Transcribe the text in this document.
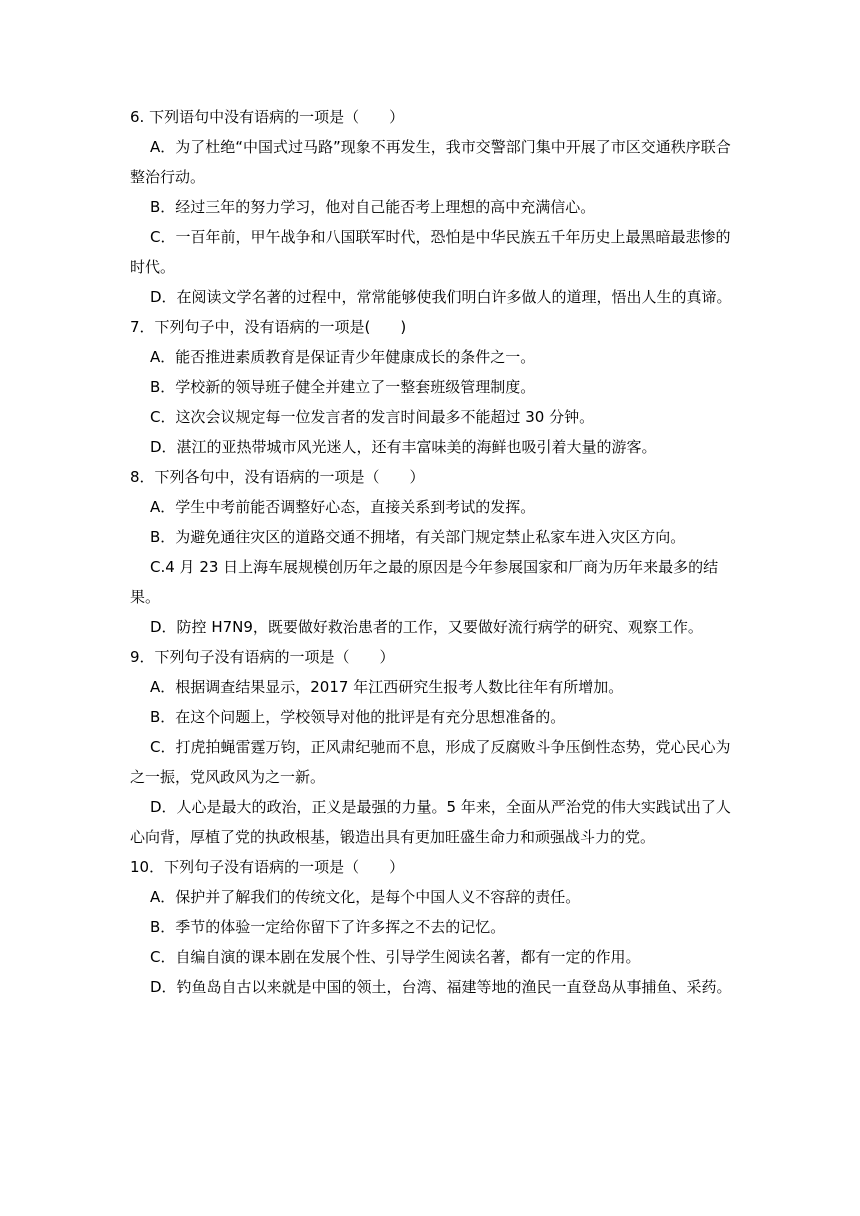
6. 下列语句中没有语病的一项是（　　）

A．为了杜绝“中国式过马路”现象不再发生，我市交警部门集中开展了市区交通秩序联合整治行动。

B．经过三年的努力学习，他对自己能否考上理想的高中充满信心。

C．一百年前，甲午战争和八国联军时代，恐怕是中华民族五千年历史上最黑暗最悲惨的时代。

D．在阅读文学名著的过程中，常常能够使我们明白许多做人的道理，悟出人生的真谛。

7．下列句子中，没有语病的一项是(　　)

A．能否推进素质教育是保证青少年健康成长的条件之一。

B．学校新的领导班子健全并建立了一整套班级管理制度。

C．这次会议规定每一位发言者的发言时间最多不能超过 30 分钟。

D．湛江的亚热带城市风光迷人，还有丰富味美的海鲜也吸引着大量的游客。

8．下列各句中，没有语病的一项是（　　）

A．学生中考前能否调整好心态，直接关系到考试的发挥。

B．为避免通往灾区的道路交通不拥堵，有关部门规定禁止私家车进入灾区方向。

C.4 月 23 日上海车展规模创历年之最的原因是今年参展国家和厂商为历年来最多的结果。

D．防控 H7N9，既要做好救治患者的工作，又要做好流行病学的研究、观察工作。

9．下列句子没有语病的一项是（　　）

A．根据调查结果显示，2017 年江西研究生报考人数比往年有所增加。

B．在这个问题上，学校领导对他的批评是有充分思想准备的。

C．打虎拍蝇雷霆万钧，正风肃纪驰而不息，形成了反腐败斗争压倒性态势，党心民心为之一振，党风政风为之一新。

D．人心是最大的政治，正义是最强的力量。5 年来，全面从严治党的伟大实践试出了人心向背，厚植了党的执政根基，锻造出具有更加旺盛生命力和顽强战斗力的党。

10．下列句子没有语病的一项是（　　）

A．保护并了解我们的传统文化，是每个中国人义不容辞的责任。

B．季节的体验一定给你留下了许多挥之不去的记忆。

C．自编自演的课本剧在发展个性、引导学生阅读名著，都有一定的作用。

D．钓鱼岛自古以来就是中国的领土，台湾、福建等地的渔民一直登岛从事捕鱼、采药。
